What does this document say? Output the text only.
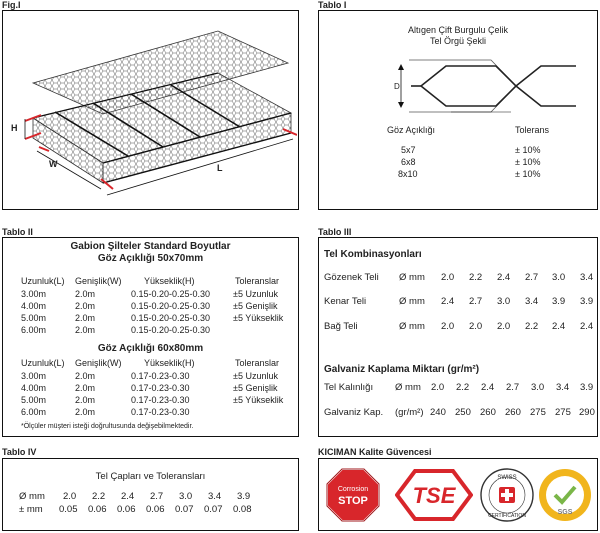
Fig.I
H
W	L
Tablo I
Altıgen Çift Burgulu Çelik
Tel Örgü Şekli
D
Göz Açıklığı	Tolerans
5x7	± 10%
6x8	± 10%
8x10	± 10%
Tablo II
Gabion Şilteler Standard Boyutlar
Göz Açıklığı 50x70mm
Uzunluk(L) Genişlik(W)	Yükseklik(H)	Toleranslar
3.00m	2.0m	0.15-0.20-0.25-0.30	±5 Uzunluk
4.00m	2.0m	0.15-0.20-0.25-0.30	±5 Genişlik
5.00m	2.0m	0.15-0.20-0.25-0.30	±5 Yükseklik
6.00m	2.0m	0.15-0.20-0.25-0.30
Göz Açıklığı 60x80mm
Uzunluk(L) Genişlik(W)	Yükseklik(H)	Toleranslar
3.00m	2.0m	0.17-0.23-0.30	±5 Uzunluk
4.00m	2.0m	0.17-0.23-0.30	±5 Genişlik
5.00m	2.0m	0.17-0.23-0.30	±5 Yükseklik
6.00m	2.0m	0.17-0.23-0.30
*Ölçüler müşteri isteği doğrultusunda değişebilmektedir.
Tablo III
Tel Kombinasyonları
Gözenek Teli Ø mm 2.0 2.2 2.4 2.7 3.0 3.4
Kenar Teli	Ø mm 2.4 2.7 3.0 3.4 3.9 3.9
Bağ Teli	Ø mm 2.0 2.0 2.0 2.2 2.4 2.4
Galvaniz Kaplama Miktarı (gr/m²)
Tel Kalınlığı Ø mm 2.0 2.2 2.4 2.7 3.0 3.4 3.9
Galvaniz Kap. (gr/m²) 240 250 260 260 275 275 290
Tablo IV
Tel Çapları ve Toleransları
Ø mm 2.0 2.2 2.4 2.7 3.0 3.4 3.9
± mm 0.05 0.06 0.06 0.06 0.07 0.07 0.08
KICIMAN Kalite Güvencesi
Corrosion
STOP TSE
SWISS
CERTIFICATION	SGS
